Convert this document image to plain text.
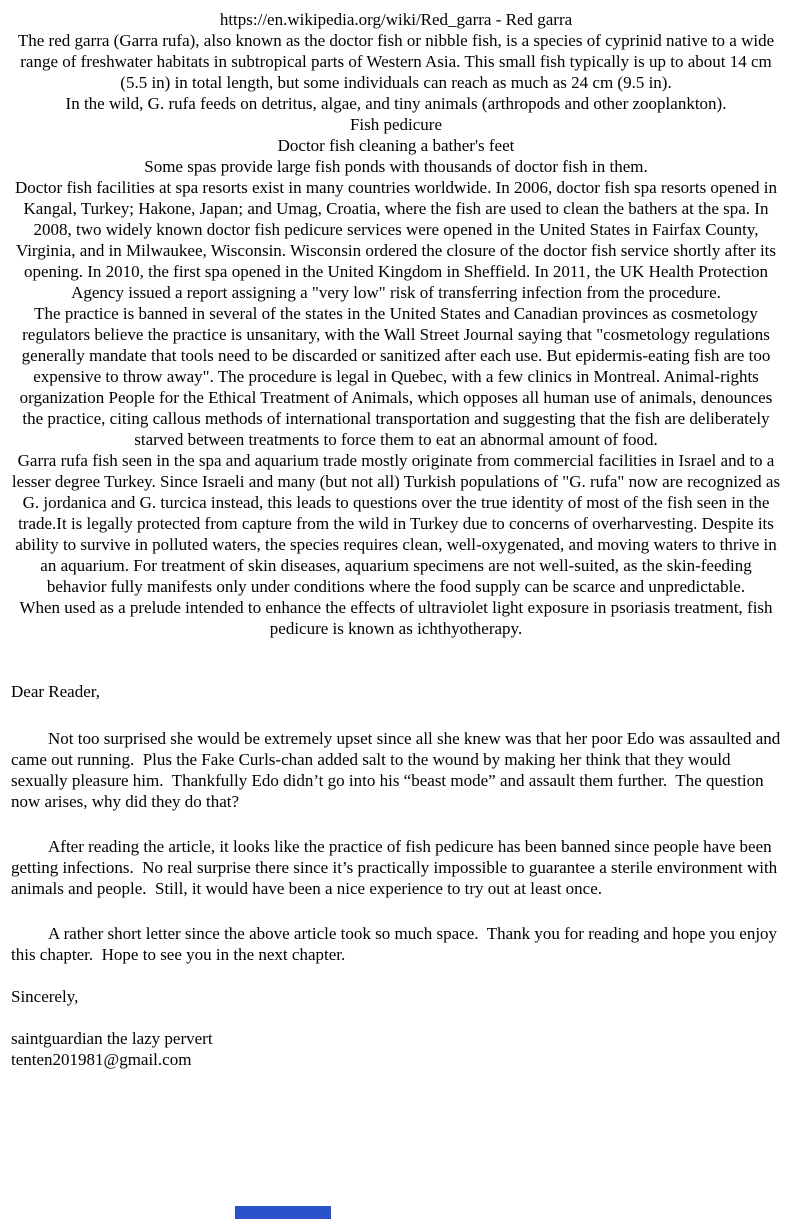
https://en.wikipedia.org/wiki/Red_garra - Red garra

The red garra (Garra rufa), also known as the doctor fish or nibble fish, is a species of cyprinid native to a wide range of freshwater habitats in subtropical parts of Western Asia. This small fish typically is up to about 14 cm (5.5 in) in total length, but some individuals can reach as much as 24 cm (9.5 in).

In the wild, G. rufa feeds on detritus, algae, and tiny animals (arthropods and other zooplankton).

Fish pedicure

Doctor fish cleaning a bather's feet

Some spas provide large fish ponds with thousands of doctor fish in them.

Doctor fish facilities at spa resorts exist in many countries worldwide. In 2006, doctor fish spa resorts opened in Kangal, Turkey; Hakone, Japan; and Umag, Croatia, where the fish are used to clean the bathers at the spa. In 2008, two widely known doctor fish pedicure services were opened in the United States in Fairfax County, Virginia, and in Milwaukee, Wisconsin. Wisconsin ordered the closure of the doctor fish service shortly after its opening. In 2010, the first spa opened in the United Kingdom in Sheffield. In 2011, the UK Health Protection Agency issued a report assigning a "very low" risk of transferring infection from the procedure.

The practice is banned in several of the states in the United States and Canadian provinces as cosmetology regulators believe the practice is unsanitary, with the Wall Street Journal saying that "cosmetology regulations generally mandate that tools need to be discarded or sanitized after each use. But epidermis-eating fish are too expensive to throw away". The procedure is legal in Quebec, with a few clinics in Montreal. Animal-rights organization People for the Ethical Treatment of Animals, which opposes all human use of animals, denounces the practice, citing callous methods of international transportation and suggesting that the fish are deliberately starved between treatments to force them to eat an abnormal amount of food.

Garra rufa fish seen in the spa and aquarium trade mostly originate from commercial facilities in Israel and to a lesser degree Turkey. Since Israeli and many (but not all) Turkish populations of "G. rufa" now are recognized as G. jordanica and G. turcica instead, this leads to questions over the true identity of most of the fish seen in the trade.It is legally protected from capture from the wild in Turkey due to concerns of overharvesting. Despite its ability to survive in polluted waters, the species requires clean, well-oxygenated, and moving waters to thrive in an aquarium. For treatment of skin diseases, aquarium specimens are not well-suited, as the skin-feeding behavior fully manifests only under conditions where the food supply can be scarce and unpredictable.

When used as a prelude intended to enhance the effects of ultraviolet light exposure in psoriasis treatment, fish pedicure is known as ichthyotherapy.

Dear Reader,

Not too surprised she would be extremely upset since all she knew was that her poor Edo was assaulted and came out running.  Plus the Fake Curls-chan added salt to the wound by making her think that they would sexually pleasure him.  Thankfully Edo didn’t go into his “beast mode” and assault them further.  The question now arises, why did they do that?

After reading the article, it looks like the practice of fish pedicure has been banned since people have been getting infections.  No real surprise there since it’s practically impossible to guarantee a sterile environment with animals and people.  Still, it would have been a nice experience to try out at least once.

A rather short letter since the above article took so much space.  Thank you for reading and hope you enjoy this chapter.  Hope to see you in the next chapter.

Sincerely,

saintguardian the lazy pervert

tenten201981@gmail.com
